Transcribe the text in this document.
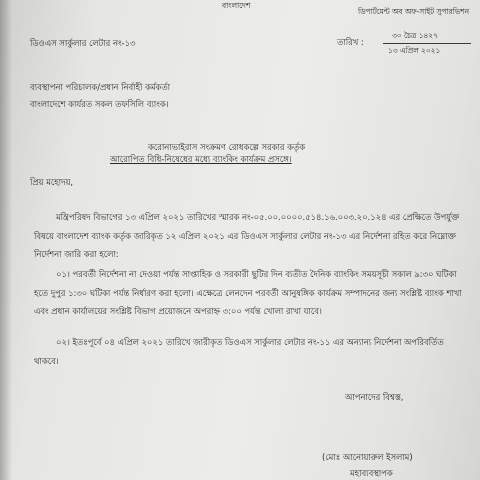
বাংলাদেশ
ডিপার্টমেন্ট অব অফ-সাইট সুপারভিশন
৩০ চৈত্র ১৪২৭
তারিখ :
১৩ এপ্রিল ২০২১
ডিওএস সার্কুলার লেটার নং-১৩
ব্যবস্থাপনা পরিচালক/প্রধান নির্বাহী কর্মকর্তা
বাংলাদেশে কার্যরত সকল তফসিলি ব্যাংক।
করোনাভাইরাস সংক্রমণ রোধকল্পে সরকার কর্তৃক
আরোপিত বিধি-নিষেধের মধ্যে ব্যাংকিং কার্যক্রম প্রসঙ্গে।
প্রিয় মহোদয়,
মন্ত্রিপরিষদ বিভাগের ১৩ এপ্রিল ২০২১ তারিখের স্মারক নং-০৫.০০.০০০০.৫১৪.১৬.০০৩.২০.১২৪ এর প্রেক্ষিতে উপর্যুক্ত বিষয়ে বাংলাদেশ ব্যাংক কর্তৃক জারিকৃত ১২ এপ্রিল ২০২১ এর ডিওএস সার্কুলার লেটার নং-১৩ এর নির্দেশনা রহিত করে নিম্নোক্ত নির্দেশনা জারি করা হলো:
০১। পরবর্তী নির্দেশনা না দেওয়া পর্যন্ত সাপ্তাহিক ও সরকারী ছুটির দিন ব্যতীত দৈনিক ব্যাংকিং সময়সূচী সকাল ৯:৩০ ঘটিকা হতে দুপুর ১:৩০ ঘটিকা পর্যন্ত নির্ধারণ করা হলো। এক্ষেত্রে লেনদেন পরবর্তী আনুষঙ্গিক কার্যক্রম সম্পাদনের জন্য সংশ্লিষ্ট ব্যাংক শাখা এবং প্রধান কার্যালয়ের সংশ্লিষ্ট বিভাগ প্রয়োজনে অপরাহ্ন ৩:০০ পর্যন্ত খোলা রাখা যাবে।
০২। ইতঃপূর্বে ০৪ এপ্রিল ২০২১ তারিখে জারীকৃত ডিওএস সার্কুলার লেটার নং-১১ এর অন্যান্য নির্দেশনা অপরিবর্তিত থাকবে।
আপনাদের বিশ্বস্ত,
(মোঃ আনোয়ারুল ইসলাম)
মহাব্যবস্থাপক
